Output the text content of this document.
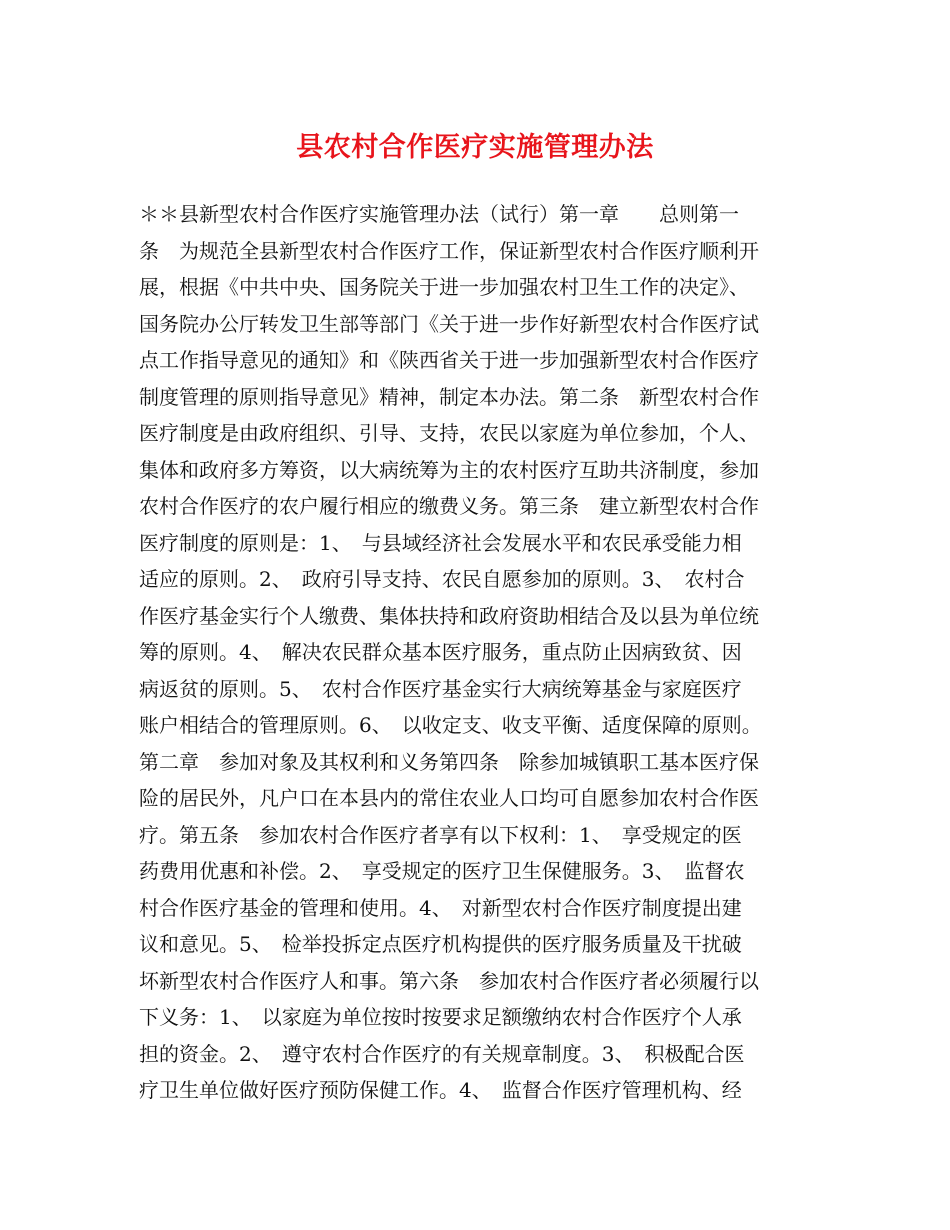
县农村合作医疗实施管理办法
＊＊县新型农村合作医疗实施管理办法（试行）第一章　　总则第一
条　为规范全县新型农村合作医疗工作，保证新型农村合作医疗顺利开
展，根据《中共中央、国务院关于进一步加强农村卫生工作的决定》、
国务院办公厅转发卫生部等部门《关于进一步作好新型农村合作医疗试
点工作指导意见的通知》和《陕西省关于进一步加强新型农村合作医疗
制度管理的原则指导意见》精神，制定本办法。第二条　新型农村合作
医疗制度是由政府组织、引导、支持，农民以家庭为单位参加，个人、
集体和政府多方筹资，以大病统筹为主的农村医疗互助共济制度，参加
农村合作医疗的农户履行相应的缴费义务。第三条　建立新型农村合作
医疗制度的原则是：1、　与县域经济社会发展水平和农民承受能力相
适应的原则。2、　政府引导支持、农民自愿参加的原则。3、　农村合
作医疗基金实行个人缴费、集体扶持和政府资助相结合及以县为单位统
筹的原则。4、　解决农民群众基本医疗服务，重点防止因病致贫、因
病返贫的原则。5、　农村合作医疗基金实行大病统筹基金与家庭医疗
账户相结合的管理原则。6、　以收定支、收支平衡、适度保障的原则。
第二章　参加对象及其权利和义务第四条　除参加城镇职工基本医疗保
险的居民外，凡户口在本县内的常住农业人口均可自愿参加农村合作医
疗。第五条　参加农村合作医疗者享有以下权利：1、　享受规定的医
药费用优惠和补偿。2、　享受规定的医疗卫生保健服务。3、　监督农
村合作医疗基金的管理和使用。4、　对新型农村合作医疗制度提出建
议和意见。5、　检举投拆定点医疗机构提供的医疗服务质量及干扰破
坏新型农村合作医疗人和事。第六条　参加农村合作医疗者必须履行以
下义务：1、　以家庭为单位按时按要求足额缴纳农村合作医疗个人承
担的资金。2、　遵守农村合作医疗的有关规章制度。3、　积极配合医
疗卫生单位做好医疗预防保健工作。4、　监督合作医疗管理机构、经
